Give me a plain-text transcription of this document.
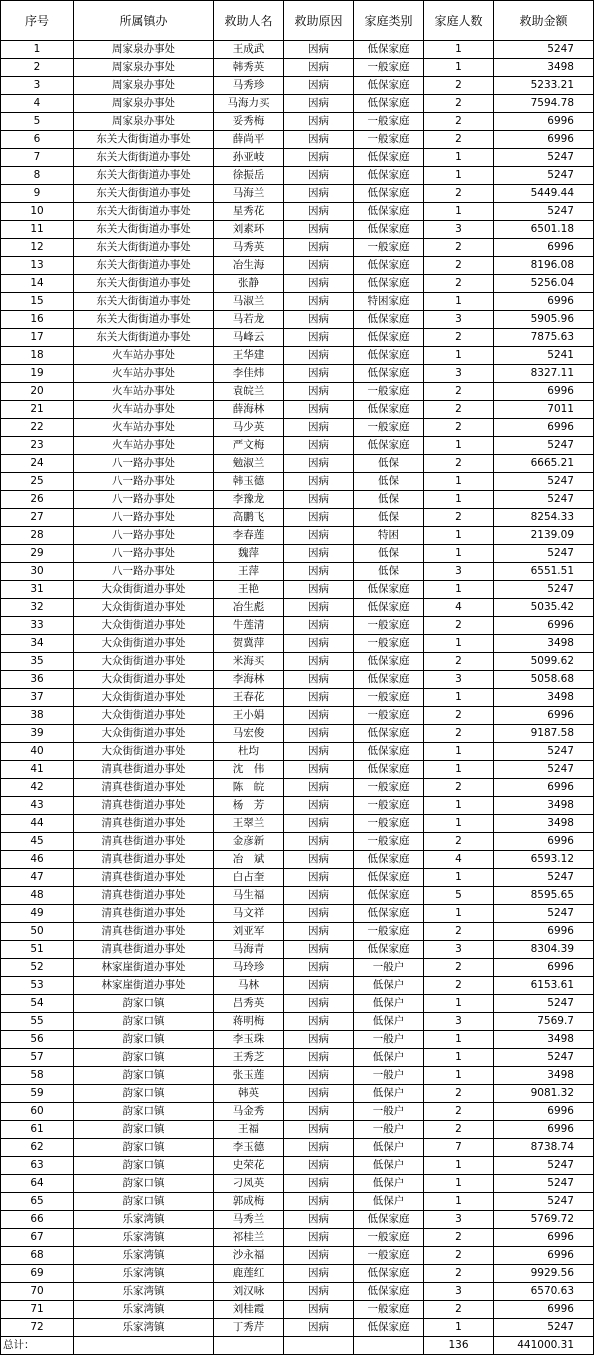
序号	所属镇办	救助人名	救助原因	家庭类别	家庭人数	救助金额
1	周家泉办事处	王成武	因病	低保家庭	1	5247
2	周家泉办事处	韩秀英	因病	一般家庭	1	3498
3	周家泉办事处	马秀珍	因病	低保家庭	2	5233.21
4	周家泉办事处	马海力买	因病	低保家庭	2	7594.78
5	周家泉办事处	妥秀梅	因病	一般家庭	2	6996
6	东关大街街道办事处	薛尚平	因病	一般家庭	2	6996
7	东关大街街道办事处	孙亚岐	因病	低保家庭	1	5247
8	东关大街街道办事处	徐振岳	因病	低保家庭	1	5247
9	东关大街街道办事处	马海兰	因病	低保家庭	2	5449.44
10	东关大街街道办事处	星秀花	因病	低保家庭	1	5247
11	东关大街街道办事处	刘素环	因病	低保家庭	3	6501.18
12	东关大街街道办事处	马秀英	因病	一般家庭	2	6996
13	东关大街街道办事处	冶生海	因病	低保家庭	2	8196.08
14	东关大街街道办事处	张静	因病	低保家庭	2	5256.04
15	东关大街街道办事处	马淑兰	因病	特困家庭	1	6996
16	东关大街街道办事处	马若龙	因病	低保家庭	3	5905.96
17	东关大街街道办事处	马峰云	因病	低保家庭	2	7875.63
18	火车站办事处	王华建	因病	低保家庭	1	5241
19	火车站办事处	李佳炜	因病	低保家庭	3	8327.11
20	火车站办事处	袁皖兰	因病	一般家庭	2	6996
21	火车站办事处	薛海林	因病	低保家庭	2	7011
22	火车站办事处	马少英	因病	一般家庭	2	6996
23	火车站办事处	严文梅	因病	低保家庭	1	5247
24	八一路办事处	勉淑兰	因病	低保	2	6665.21
25	八一路办事处	韩玉德	因病	低保	1	5247
26	八一路办事处	李豫龙	因病	低保	1	5247
27	八一路办事处	高鹏飞	因病	低保	2	8254.33
28	八一路办事处	李春莲	因病	特困	1	2139.09
29	八一路办事处	魏萍	因病	低保	1	5247
30	八一路办事处	王萍	因病	低保	3	6551.51
31	大众街街道办事处	王艳	因病	低保家庭	1	5247
32	大众街街道办事处	冶生彪	因病	低保家庭	4	5035.42
33	大众街街道办事处	牛莲清	因病	一般家庭	2	6996
34	大众街街道办事处	贺冀萍	因病	一般家庭	1	3498
35	大众街街道办事处	米海买	因病	低保家庭	2	5099.62
36	大众街街道办事处	李海林	因病	低保家庭	3	5058.68
37	大众街街道办事处	王春花	因病	一般家庭	1	3498
38	大众街街道办事处	王小娟	因病	一般家庭	2	6996
39	大众街街道办事处	马宏俊	因病	低保家庭	2	9187.58
40	大众街街道办事处	杜均	因病	低保家庭	1	5247
41	清真巷街道办事处	沈　伟	因病	低保家庭	1	5247
42	清真巷街道办事处	陈　皖	因病	一般家庭	2	6996
43	清真巷街道办事处	杨　芳	因病	一般家庭	1	3498
44	清真巷街道办事处	王翠兰	因病	一般家庭	1	3498
45	清真巷街道办事处	金彦新	因病	一般家庭	2	6996
46	清真巷街道办事处	冶　斌	因病	低保家庭	4	6593.12
47	清真巷街道办事处	白占奎	因病	低保家庭	1	5247
48	清真巷街道办事处	马生福	因病	低保家庭	5	8595.65
49	清真巷街道办事处	马文祥	因病	低保家庭	1	5247
50	清真巷街道办事处	刘亚军	因病	一般家庭	2	6996
51	清真巷街道办事处	马海青	因病	低保家庭	3	8304.39
52	林家崖街道办事处	马玲珍	因病	一般户	2	6996
53	林家崖街道办事处	马林	因病	低保户	2	6153.61
54	韵家口镇	吕秀英	因病	低保户	1	5247
55	韵家口镇	蒋明梅	因病	低保户	3	7569.7
56	韵家口镇	李玉珠	因病	一般户	1	3498
57	韵家口镇	王秀芝	因病	低保户	1	5247
58	韵家口镇	张玉莲	因病	一般户	1	3498
59	韵家口镇	韩英	因病	低保户	2	9081.32
60	韵家口镇	马金秀	因病	一般户	2	6996
61	韵家口镇	王福	因病	一般户	2	6996
62	韵家口镇	李玉德	因病	低保户	7	8738.74
63	韵家口镇	史荣花	因病	低保户	1	5247
64	韵家口镇	刁凤英	因病	低保户	1	5247
65	韵家口镇	郭成梅	因病	低保户	1	5247
66	乐家湾镇	马秀兰	因病	低保家庭	3	5769.72
67	乐家湾镇	祁桂兰	因病	一般家庭	2	6996
68	乐家湾镇	沙永福	因病	一般家庭	2	6996
69	乐家湾镇	鹿莲红	因病	低保家庭	2	9929.56
70	乐家湾镇	刘汉咏	因病	低保家庭	3	6570.63
71	乐家湾镇	刘桂霞	因病	一般家庭	2	6996
72	乐家湾镇	丁秀芹	因病	低保家庭	1	5247
总计：					136	441000.31
